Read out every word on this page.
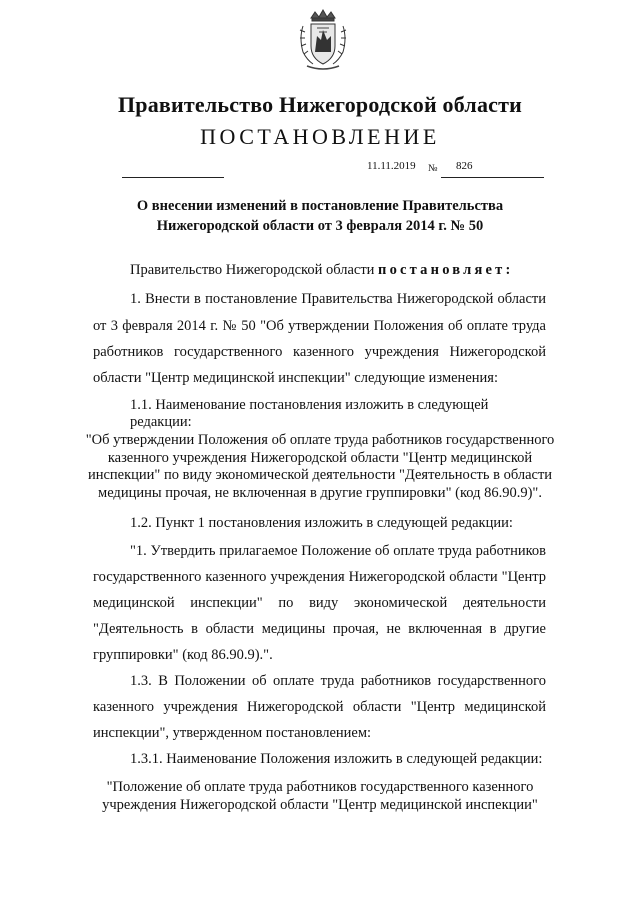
Правительство Нижегородской области
ПОСТАНОВЛЕНИЕ
11.11.2019 № 826
О внесении изменений в постановление Правительства
Нижегородской области от 3 февраля 2014 г. № 50
Правительство Нижегородской области постановляет:
1. Внести в постановление Правительства Нижегородской области
от 3 февраля 2014 г. № 50 "Об утверждении Положения об оплате труда
работников государственного казенного учреждения Нижегородской
области "Центр медицинской инспекции" следующие изменения:
1.1. Наименование постановления изложить в следующей редакции:
"Об утверждении Положения об оплате труда работников государственного
казенного учреждения Нижегородской области "Центр медицинской
инспекции" по виду экономической деятельности "Деятельность в области
медицины прочая, не включенная в другие группировки" (код 86.90.9)".
1.2. Пункт 1 постановления изложить в следующей редакции:
"1. Утвердить прилагаемое Положение об оплате труда работников
государственного казенного учреждения Нижегородской области "Центр
медицинской инспекции" по виду экономической деятельности
"Деятельность в области медицины прочая, не включенная в другие
группировки" (код 86.90.9).".
1.3. В Положении об оплате труда работников государственного
казенного учреждения Нижегородской области "Центр медицинской
инспекции", утвержденном постановлением:
1.3.1. Наименование Положения изложить в следующей редакции:
"Положение об оплате труда работников государственного казенного
учреждения Нижегородской области "Центр медицинской инспекции"
